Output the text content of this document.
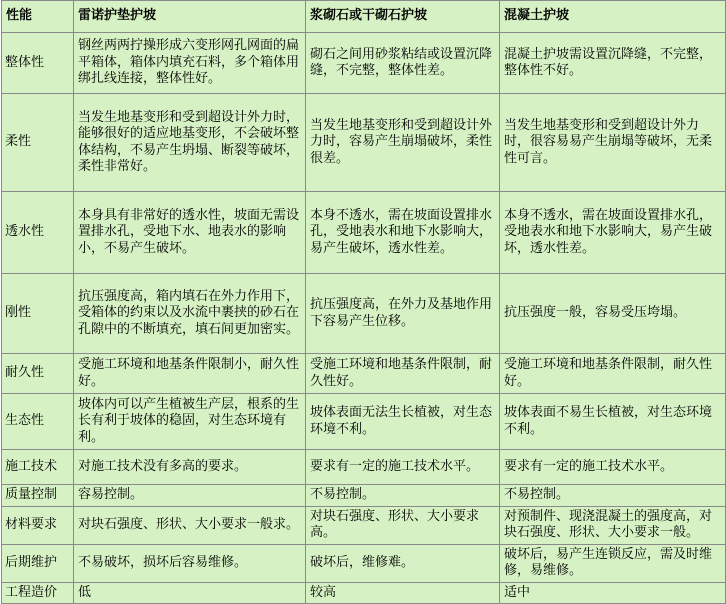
性能	雷诺护垫护坡	浆砌石或干砌石护坡	混凝土护坡
整体性	钢丝两两拧操形成六变形网孔网面的扁平箱体，箱体内填充石料，多个箱体用绑扎线连接，整体性好。	砌石之间用砂浆粘结或设置沉降缝，不完整，整体性差。	混凝土护坡需设置沉降缝，不完整，整体性不好。
柔性	当发生地基变形和受到超设计外力时，能够很好的适应地基变形，不会破坏整体结构，不易产生坍塌、断裂等破坏，柔性非常好。	当发生地基变形和受到超设计外力时，容易产生崩塌破坏，柔性很差。	当发生地基变形和受到超设计外力时，很容易易产生崩塌等破坏，无柔性可言。
透水性	本身具有非常好的透水性，坡面无需设置排水孔，受地下水、地表水的影响小，不易产生破坏。	本身不透水，需在坡面设置排水孔，受地表水和地下水影响大，易产生破坏，透水性差。	本身不透水，需在坡面设置排水孔，受地表水和地下水影响大，易产生破坏，透水性差。
刚性	抗压强度高，箱内填石在外力作用下，受箱体的约束以及水流中裹挟的砂石在孔隙中的不断填充，填石间更加密实。	抗压强度高，在外力及基地作用下容易产生位移。	抗压强度一般，容易受压垮塌。
耐久性	受施工环境和地基条件限制小，耐久性好。	受施工环境和地基条件限制，耐久性好。	受施工环境和地基条件限制，耐久性好。
生态性	坡体内可以产生植被生产层，根系的生长有利于坡体的稳固，对生态环境有利。	坡体表面无法生长植被，对生态环境不利。	坡体表面不易生长植被，对生态环境不利。
施工技术	对施工技术没有多高的要求。	要求有一定的施工技术水平。	要求有一定的施工技术水平。
质量控制	容易控制。	不易控制。	不易控制。
材料要求	对块石强度、形状、大小要求一般求。	对块石强度、形状、大小要求高。	对预制件、现浇混凝土的强度高，对块石强度、形状、大小要求一般。
后期维护	不易破坏，损坏后容易维修。	破坏后，维修难。	破坏后，易产生连锁反应，需及时维修，易维修。
工程造价	低	较高	适中
